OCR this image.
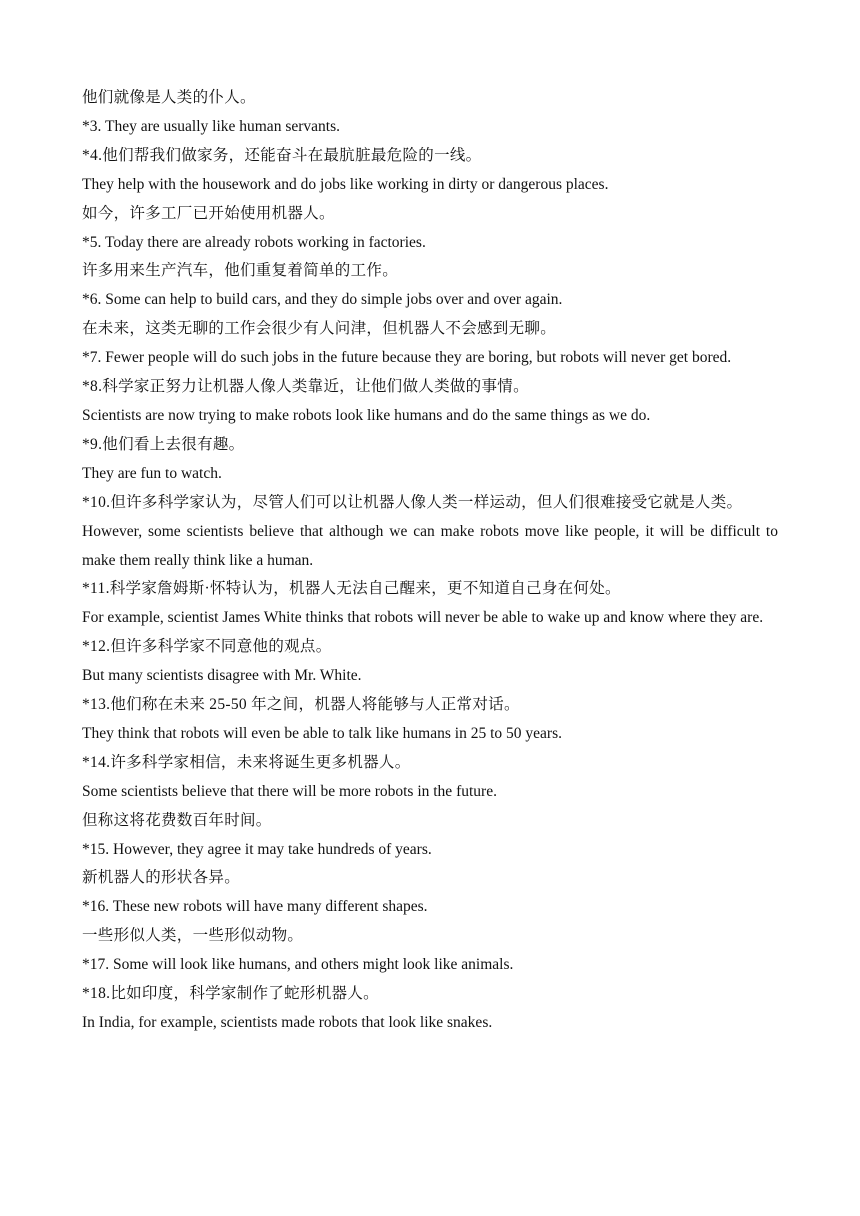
他们就像是人类的仆人。

*3. They are usually like human servants.

*4.他们帮我们做家务，还能奋斗在最肮脏最危险的一线。

They help with the housework and do jobs like working in dirty or dangerous places.

如今，许多工厂已开始使用机器人。

*5. Today there are already robots working in factories.

许多用来生产汽车，他们重复着简单的工作。

*6. Some can help to build cars, and they do simple jobs over and over again.

在未来，这类无聊的工作会很少有人问津，但机器人不会感到无聊。

*7. Fewer people will do such jobs in the future because they are boring, but robots will never get bored.

*8.科学家正努力让机器人像人类靠近，让他们做人类做的事情。

Scientists are now trying to make robots look like humans and do the same things as we do.

*9.他们看上去很有趣。

They are fun to watch.

*10.但许多科学家认为，尽管人们可以让机器人像人类一样运动，但人们很难接受它就是人类。

However, some scientists believe that although we can make robots move like people, it will be difficult to make them really think like a human.

*11.科学家詹姆斯·怀特认为，机器人无法自己醒来，更不知道自己身在何处。

For example, scientist James White thinks that robots will never be able to wake up and know where they are.

*12.但许多科学家不同意他的观点。

But many scientists disagree with Mr. White.

*13.他们称在未来 25-50 年之间，机器人将能够与人正常对话。

They think that robots will even be able to talk like humans in 25 to 50 years.

*14.许多科学家相信，未来将诞生更多机器人。

Some scientists believe that there will be more robots in the future.

但称这将花费数百年时间。

*15. However, they agree it may take hundreds of years.

新机器人的形状各异。

*16. These new robots will have many different shapes.

一些形似人类，一些形似动物。

*17. Some will look like humans, and others might look like animals.

*18.比如印度，科学家制作了蛇形机器人。

In India, for example, scientists made robots that look like snakes.
